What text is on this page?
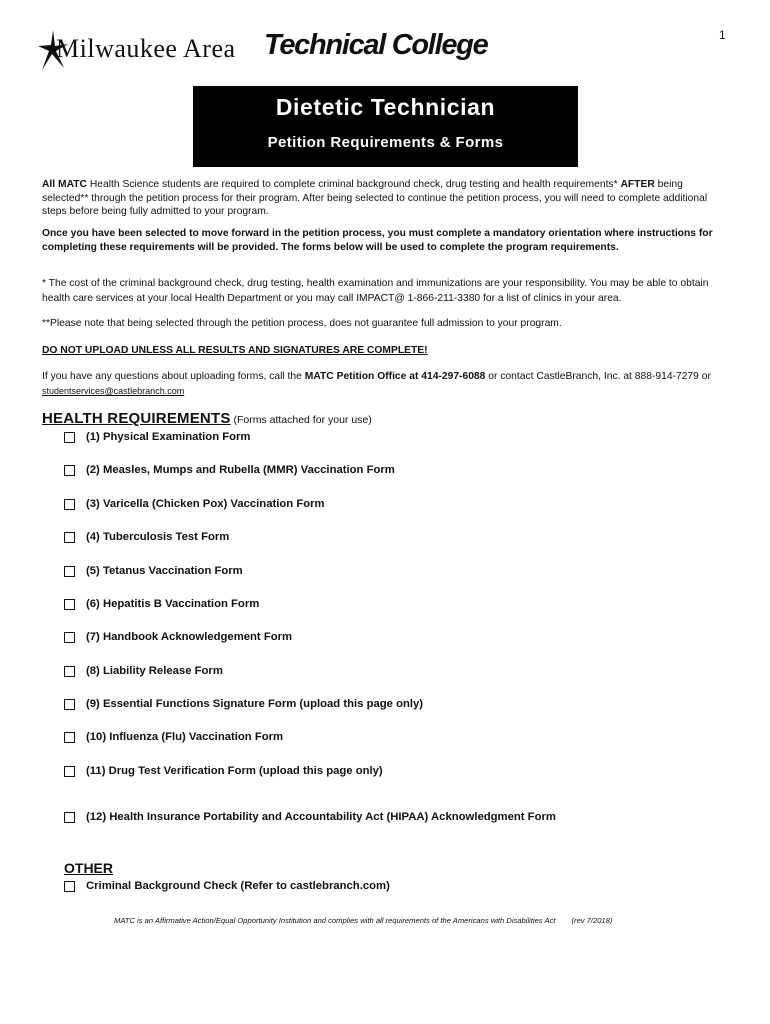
1
Milwaukee Area Technical College
Dietetic Technician
Petition Requirements & Forms
All MATC Health Science students are required to complete criminal background check, drug testing and health requirements* AFTER being selected** through the petition process for their program. After being selected to continue the petition process, you will need to complete additional steps before being fully admitted to your program.
Once you have been selected to move forward in the petition process, you must complete a mandatory orientation where instructions for completing these requirements will be provided. The forms below will be used to complete the program requirements.
* The cost of the criminal background check, drug testing, health examination and immunizations are your responsibility. You may be able to obtain health care services at your local Health Department or you may call IMPACT@ 1-866-211-3380 for a list of clinics in your area.
**Please note that being selected through the petition process, does not guarantee full admission to your program.
DO NOT UPLOAD UNLESS ALL RESULTS AND SIGNATURES ARE COMPLETE!
If you have any questions about uploading forms, call the MATC Petition Office at 414-297-6088 or contact CastleBranch, Inc. at 888-914-7279 or studentservices@castlebranch.com
HEALTH REQUIREMENTS (Forms attached for your use)
(1) Physical Examination Form
(2) Measles, Mumps and Rubella (MMR) Vaccination Form
(3) Varicella (Chicken Pox) Vaccination Form
(4) Tuberculosis Test Form
(5) Tetanus Vaccination Form
(6) Hepatitis B Vaccination Form
(7) Handbook Acknowledgement Form
(8) Liability Release Form
(9) Essential Functions Signature Form (upload this page only)
(10) Influenza (Flu) Vaccination Form
(11) Drug Test Verification Form (upload this page only)
(12) Health Insurance Portability and Accountability Act (HIPAA) Acknowledgment Form
OTHER
Criminal Background Check (Refer to castlebranch.com)
MATC is an Affirmative Action/Equal Opportunity Institution and complies with all requirements of the Americans with Disabilities Act (rev 7/2018)
